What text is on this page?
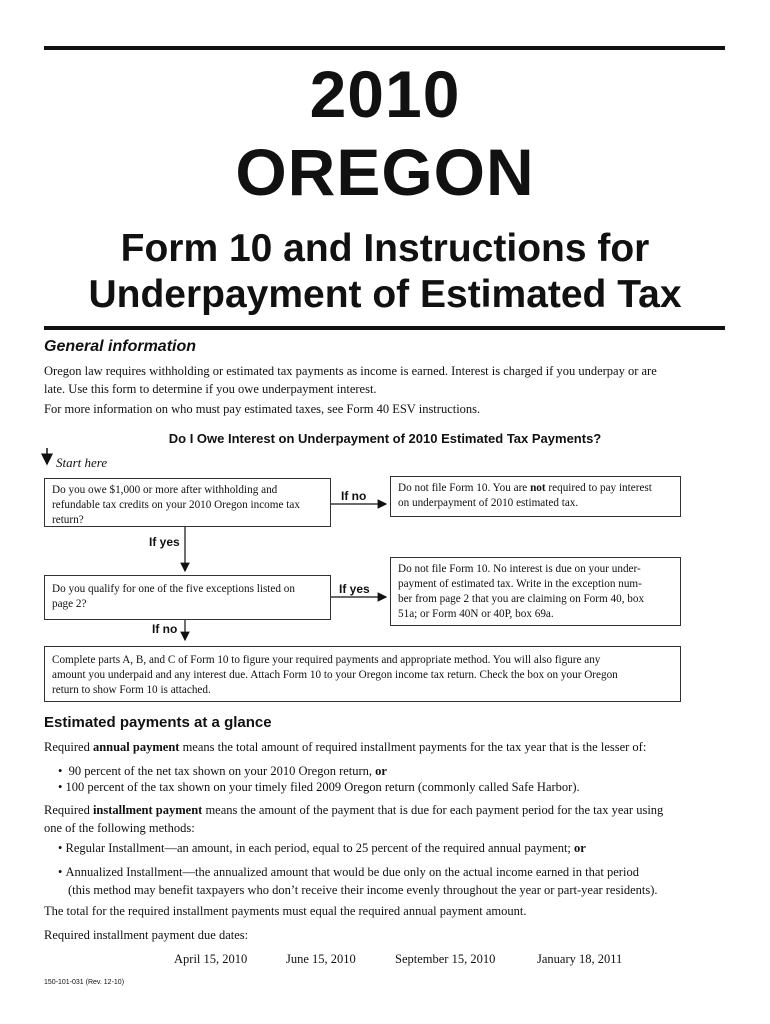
2010
OREGON
Form 10 and Instructions for
Underpayment of Estimated Tax
General information
Oregon law requires withholding or estimated tax payments as income is earned. Interest is charged if you underpay or are
late. Use this form to determine if you owe underpayment interest.
For more information on who must pay estimated taxes, see Form 40 ESV instructions.
Do I Owe Interest on Underpayment of 2010 Estimated Tax Payments?
Start here
Do you owe $1,000 or more after withholding and
refundable tax credits on your 2010 Oregon income tax
return?
If no
Do not file Form 10. You are not required to pay interest
on underpayment of 2010 estimated tax.
If yes
Do you qualify for one of the five exceptions listed on
page 2?
If yes
Do not file Form 10. No interest is due on your under-
payment of estimated tax. Write in the exception num-
ber from page 2 that you are claiming on Form 40, box
51a; or Form 40N or 40P, box 69a.
If no
Complete parts A, B, and C of Form 10 to figure your required payments and appropriate method. You will also figure any
amount you underpaid and any interest due. Attach Form 10 to your Oregon income tax return. Check the box on your Oregon
return to show Form 10 is attached.
Estimated payments at a glance
Required annual payment means the total amount of required installment payments for the tax year that is the lesser of:
•  90 percent of the net tax shown on your 2010 Oregon return, or
• 100 percent of the tax shown on your timely filed 2009 Oregon return (commonly called Safe Harbor).
Required installment payment means the amount of the payment that is due for each payment period for the tax year using
one of the following methods:
• Regular Installment—an amount, in each period, equal to 25 percent of the required annual payment; or
• Annualized Installment—the annualized amount that would be due only on the actual income earned in that period
(this method may benefit taxpayers who don’t receive their income evenly throughout the year or part-year residents).
The total for the required installment payments must equal the required annual payment amount.
Required installment payment due dates:
April 15, 2010	June 15, 2010	September 15, 2010	January 18, 2011
150-101-031 (Rev. 12-10)
